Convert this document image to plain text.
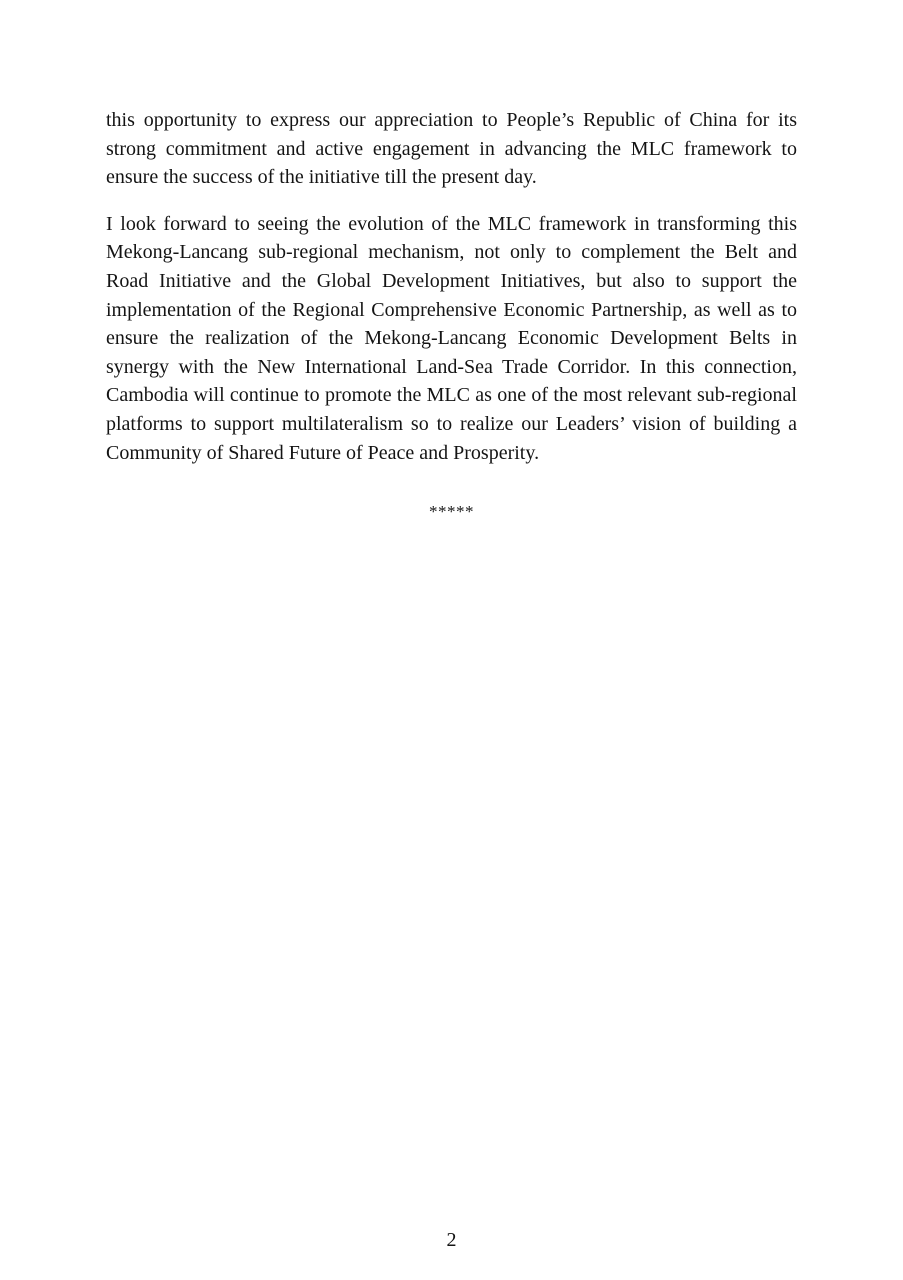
this opportunity to express our appreciation to People’s Republic of China for its strong commitment and active engagement in advancing the MLC framework to ensure the success of the initiative till the present day.

I look forward to seeing the evolution of the MLC framework in transforming this Mekong-Lancang sub-regional mechanism, not only to complement the Belt and Road Initiative and the Global Development Initiatives, but also to support the implementation of the Regional Comprehensive Economic Partnership, as well as to ensure the realization of the Mekong-Lancang Economic Development Belts in synergy with the New International Land-Sea Trade Corridor. In this connection, Cambodia will continue to promote the MLC as one of the most relevant sub-regional platforms to support multilateralism so to realize our Leaders’ vision of building a Community of Shared Future of Peace and Prosperity.

*****
2
